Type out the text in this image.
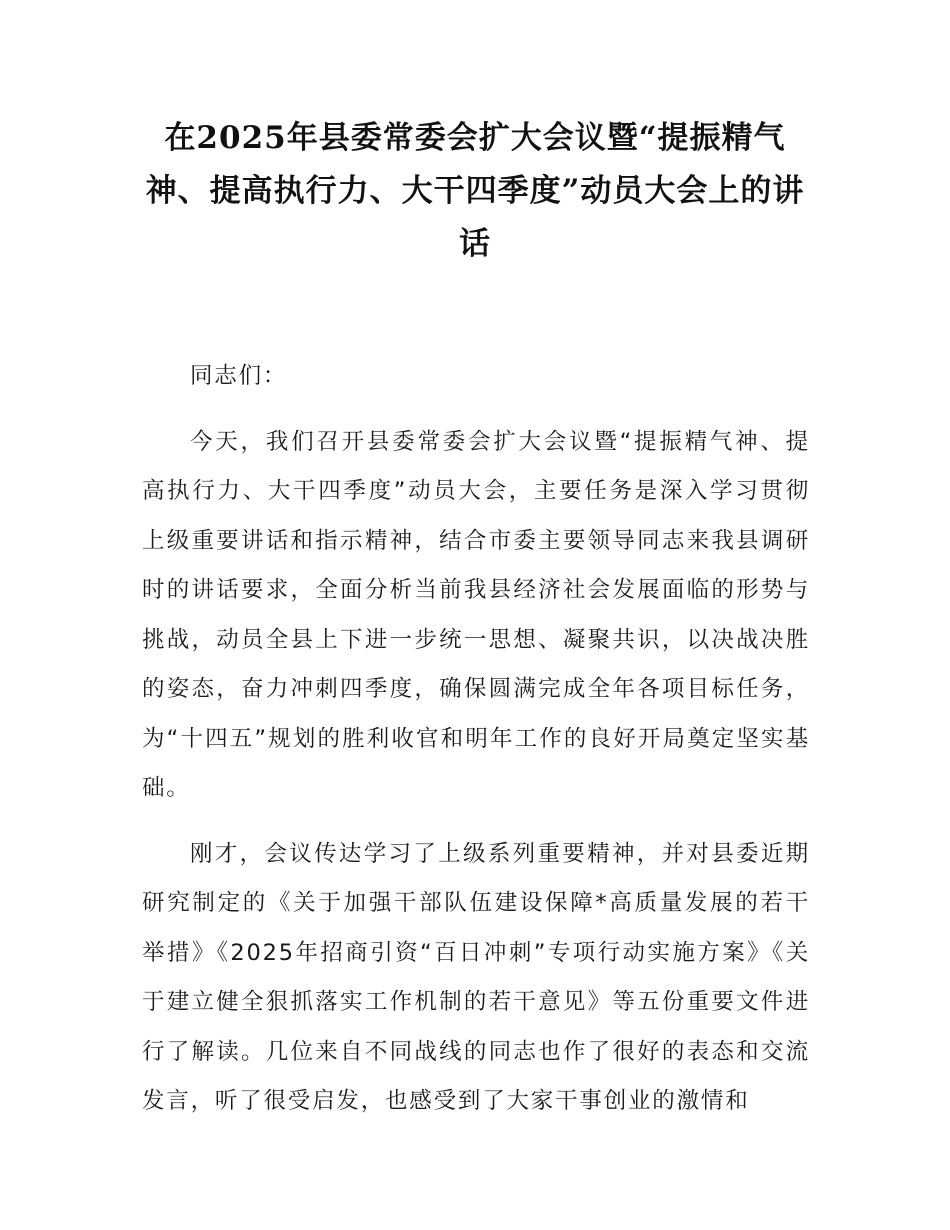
在2025年县委常委会扩大会议暨“提振精气神、提高执行力、大干四季度”动员大会上的讲话

同志们：

今天，我们召开县委常委会扩大会议暨“提振精气神、提高执行力、大干四季度”动员大会，主要任务是深入学习贯彻上级重要讲话和指示精神，结合市委主要领导同志来我县调研时的讲话要求，全面分析当前我县经济社会发展面临的形势与挑战，动员全县上下进一步统一思想、凝聚共识，以决战决胜的姿态，奋力冲刺四季度，确保圆满完成全年各项目标任务，为“十四五”规划的胜利收官和明年工作的良好开局奠定坚实基础。

刚才，会议传达学习了上级系列重要精神，并对县委近期研究制定的《关于加强干部队伍建设保障*高质量发展的若干举措》《2025年招商引资“百日冲刺”专项行动实施方案》《关于建立健全狠抓落实工作机制的若干意见》等五份重要文件进行了解读。几位来自不同战线的同志也作了很好的表态和交流发言，听了很受启发，也感受到了大家干事创业的激情和
